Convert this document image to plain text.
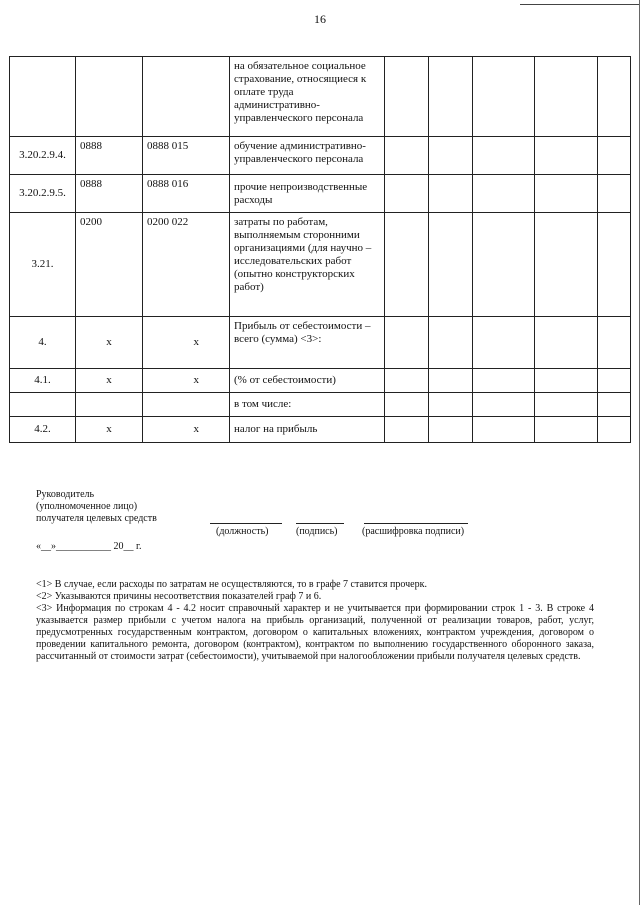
16
			на обязательное социальное страхование, относящиеся к оплате труда административно-управленческого персонала					
3.20.2.9.4.	0888	0888 015	обучение административно-управленческого персонала					
3.20.2.9.5.	0888	0888 016	прочие непроизводственные расходы					
3.21.	0200	0200 022	затраты по работам, выполняемым сторонними организациями (для научно – исследовательских работ (опытно конструкторских работ)					
4.	x	x	Прибыль от себестоимости – всего (сумма) <3>:					
4.1.	x	x	(% от себестоимости)					
			в том числе:					
4.2.	x	x	налог на прибыль					
Руководитель
(уполномоченное лицо)
получателя целевых средств
(должность)	(подпись) (расшифровка подписи)
«__»___________ 20__ г.

<1> В случае, если расходы по затратам не осуществляются, то в графе 7 ставится прочерк.

<2> Указываются причины несоответствия показателей граф 7 и 6.

<3> Информация по строкам 4 - 4.2 носит справочный характер и не учитывается при формировании строк 1 - 3. В строке 4 указывается размер прибыли с учетом налога на прибыль организаций, полученной от реализации товаров, работ, услуг, предусмотренных государственным контрактом, договором о капитальных вложениях, контрактом учреждения, договором о проведении капитального ремонта, договором (контрактом), контрактом по выполнению государственного оборонного заказа, рассчитанный от стоимости затрат (себестоимости), учитываемой при налогообложении прибыли получателя целевых средств.
